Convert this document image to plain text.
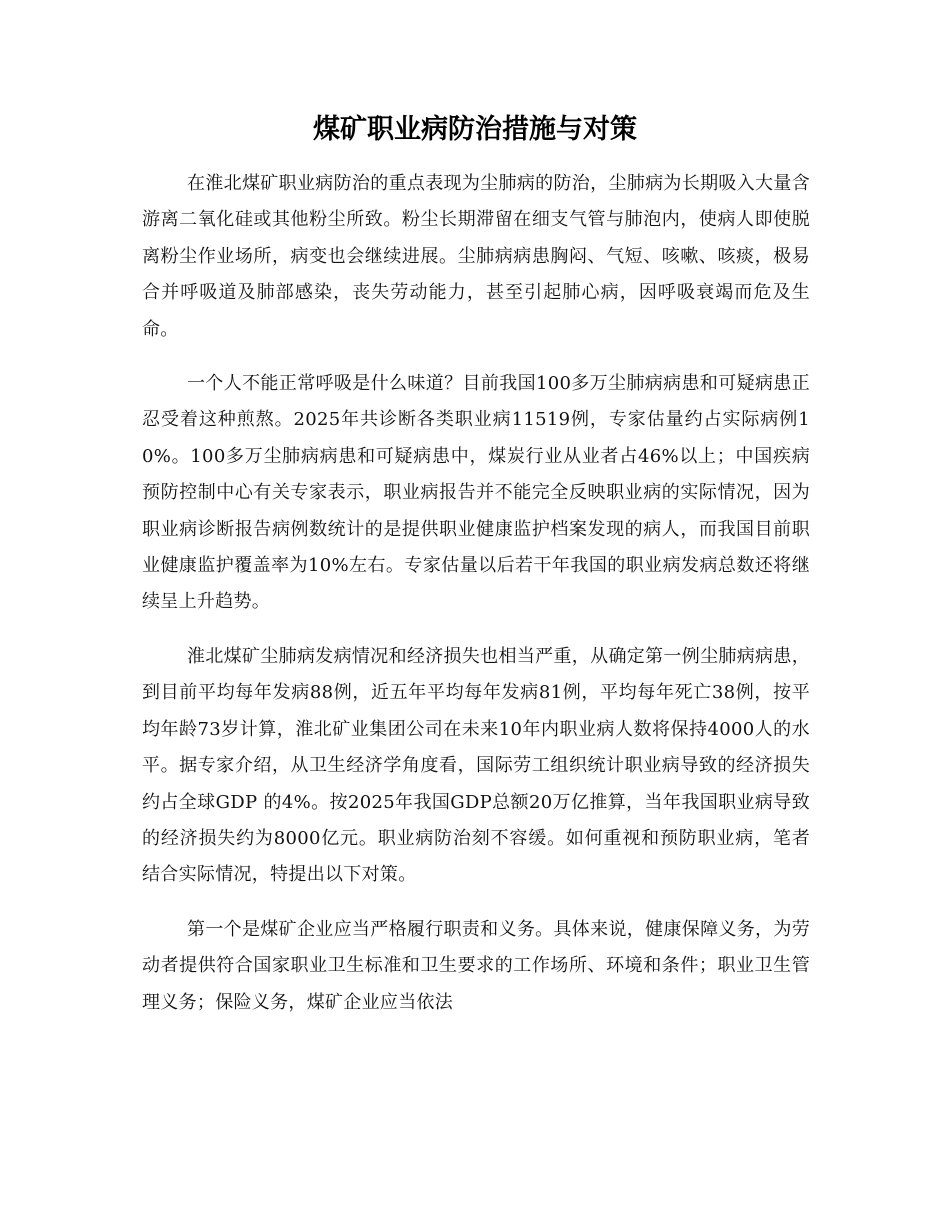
煤矿职业病防治措施与对策

在淮北煤矿职业病防治的重点表现为尘肺病的防治，尘肺病为长期吸入大量含游离二氧化硅或其他粉尘所致。粉尘长期滞留在细支气管与肺泡内，使病人即使脱离粉尘作业场所，病变也会继续进展。尘肺病病患胸闷、气短、咳嗽、咳痰，极易合并呼吸道及肺部感染，丧失劳动能力，甚至引起肺心病，因呼吸衰竭而危及生命。

一个人不能正常呼吸是什么味道？目前我国100多万尘肺病病患和可疑病患正忍受着这种煎熬。2025年共诊断各类职业病11519例，专家估量约占实际病例10%。100多万尘肺病病患和可疑病患中，煤炭行业从业者占46%以上；中国疾病预防控制中心有关专家表示，职业病报告并不能完全反映职业病的实际情况，因为职业病诊断报告病例数统计的是提供职业健康监护档案发现的病人，而我国目前职业健康监护覆盖率为10%左右。专家估量以后若干年我国的职业病发病总数还将继续呈上升趋势。

淮北煤矿尘肺病发病情况和经济损失也相当严重，从确定第一例尘肺病病患，到目前平均每年发病88例，近五年平均每年发病81例，平均每年死亡38例，按平均年龄73岁计算，淮北矿业集团公司在未来10年内职业病人数将保持4000人的水平。据专家介绍，从卫生经济学角度看，国际劳工组织统计职业病导致的经济损失约占全球GDP 的4%。按2025年我国GDP总额20万亿推算，当年我国职业病导致的经济损失约为8000亿元。职业病防治刻不容缓。如何重视和预防职业病，笔者结合实际情况，特提出以下对策。

第一个是煤矿企业应当严格履行职责和义务。具体来说，健康保障义务，为劳动者提供符合国家职业卫生标准和卫生要求的工作场所、环境和条件；职业卫生管理义务；保险义务，煤矿企业应当依法
